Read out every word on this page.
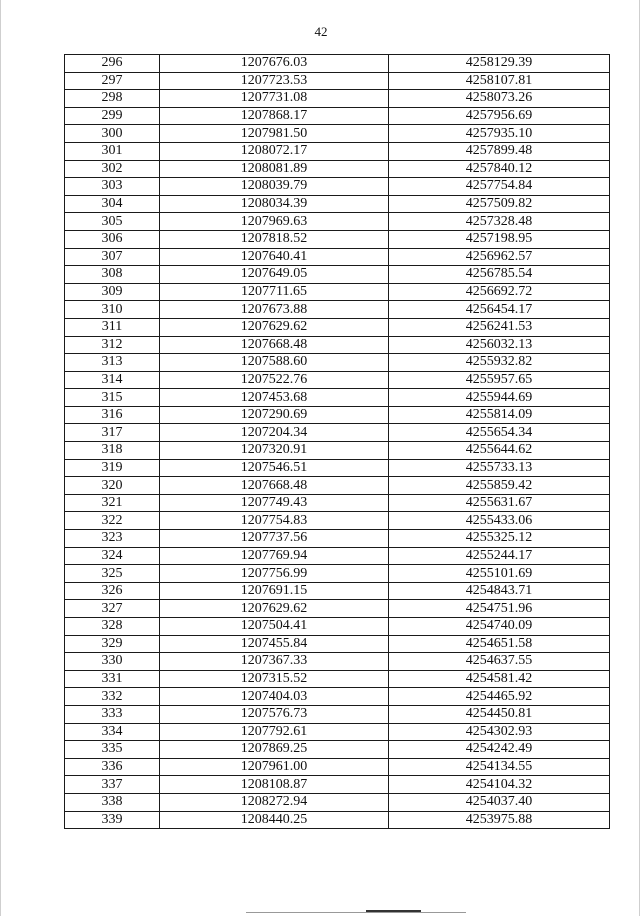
42
296	1207676.03	4258129.39
297	1207723.53	4258107.81
298	1207731.08	4258073.26
299	1207868.17	4257956.69
300	1207981.50	4257935.10
301	1208072.17	4257899.48
302	1208081.89	4257840.12
303	1208039.79	4257754.84
304	1208034.39	4257509.82
305	1207969.63	4257328.48
306	1207818.52	4257198.95
307	1207640.41	4256962.57
308	1207649.05	4256785.54
309	1207711.65	4256692.72
310	1207673.88	4256454.17
311	1207629.62	4256241.53
312	1207668.48	4256032.13
313	1207588.60	4255932.82
314	1207522.76	4255957.65
315	1207453.68	4255944.69
316	1207290.69	4255814.09
317	1207204.34	4255654.34
318	1207320.91	4255644.62
319	1207546.51	4255733.13
320	1207668.48	4255859.42
321	1207749.43	4255631.67
322	1207754.83	4255433.06
323	1207737.56	4255325.12
324	1207769.94	4255244.17
325	1207756.99	4255101.69
326	1207691.15	4254843.71
327	1207629.62	4254751.96
328	1207504.41	4254740.09
329	1207455.84	4254651.58
330	1207367.33	4254637.55
331	1207315.52	4254581.42
332	1207404.03	4254465.92
333	1207576.73	4254450.81
334	1207792.61	4254302.93
335	1207869.25	4254242.49
336	1207961.00	4254134.55
337	1208108.87	4254104.32
338	1208272.94	4254037.40
339	1208440.25	4253975.88
